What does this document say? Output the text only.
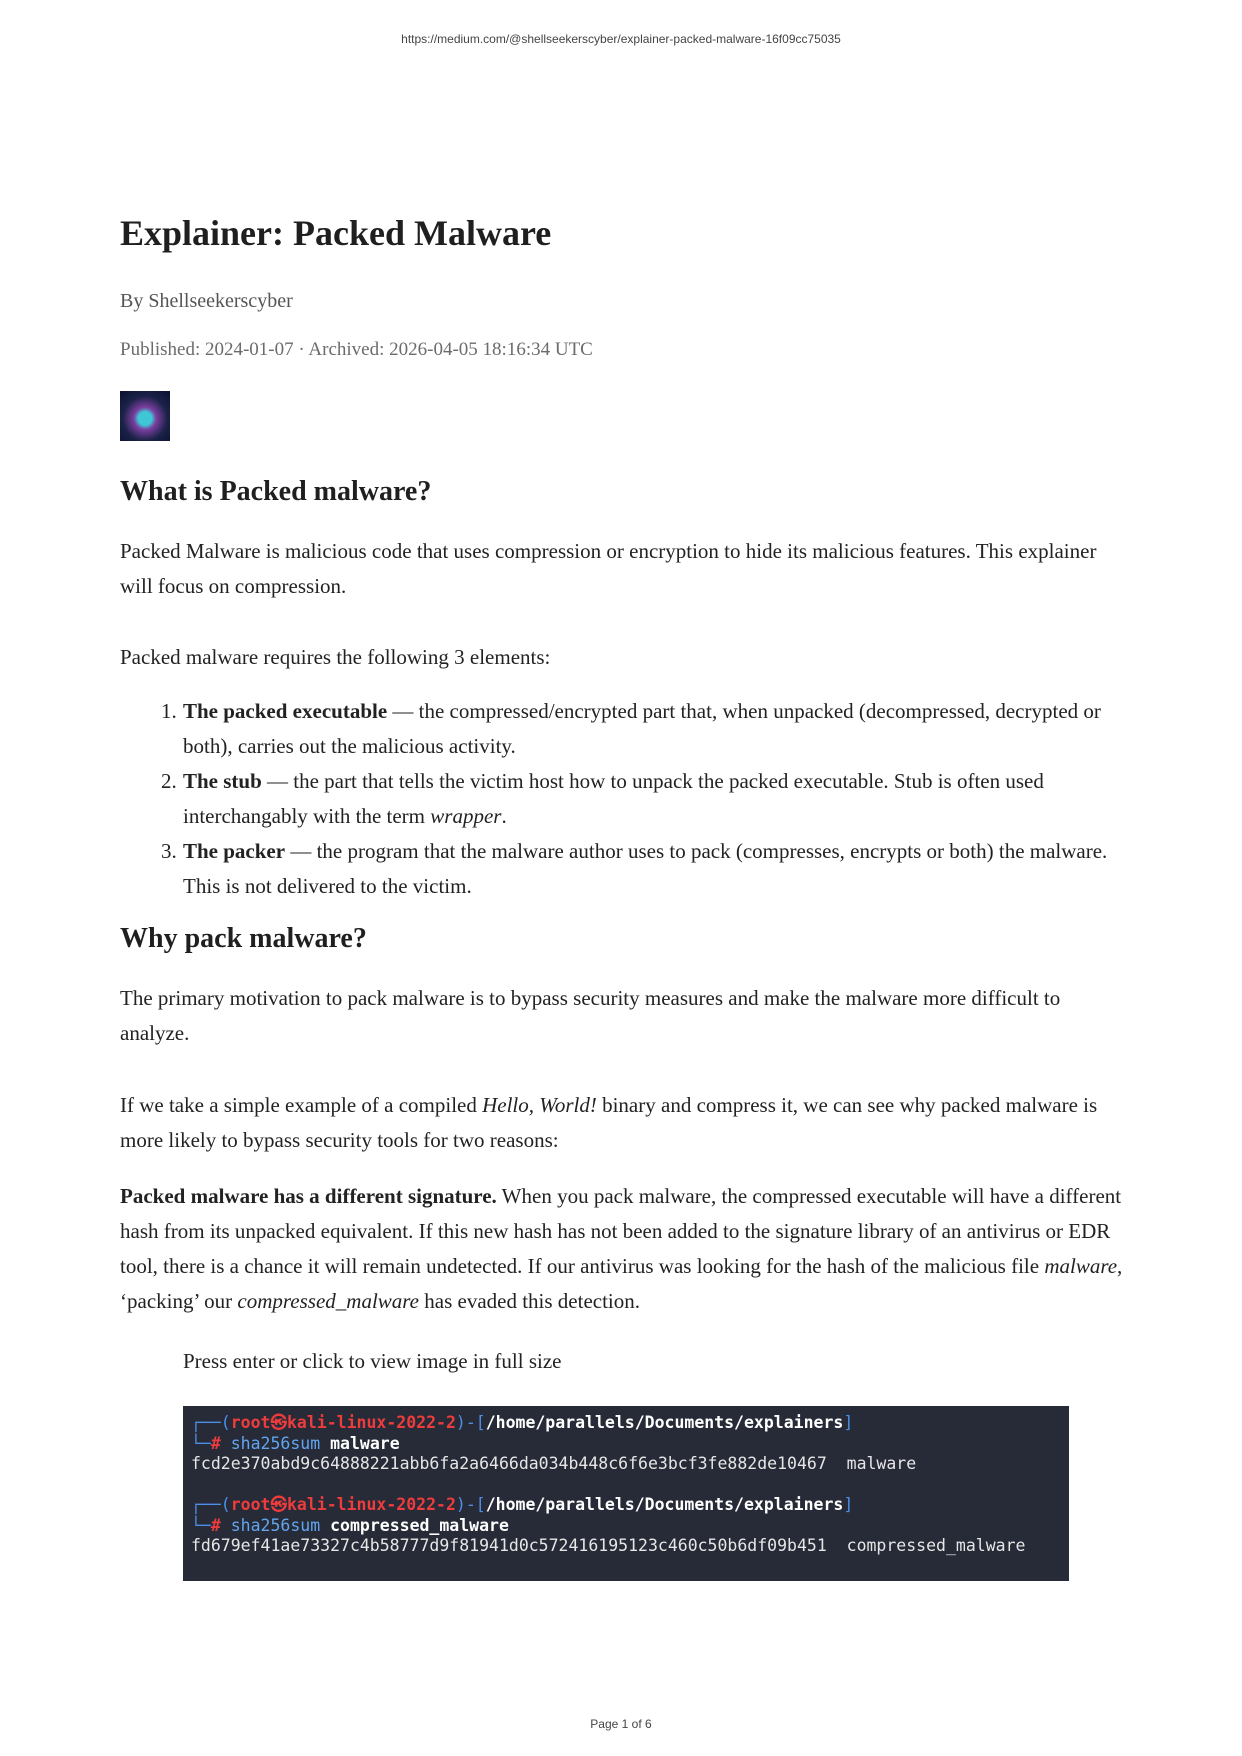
https://medium.com/@shellseekerscyber/explainer-packed-malware-16f09cc75035
Explainer: Packed Malware
By Shellseekerscyber
Published: 2024-01-07 · Archived: 2026-04-05 18:16:34 UTC
What is Packed malware?
Packed Malware is malicious code that uses compression or encryption to hide its malicious features. This explainer will focus on compression.
Packed malware requires the following 3 elements:
1. The packed executable — the compressed/encrypted part that, when unpacked (decompressed, decrypted or both), carries out the malicious activity.
2. The stub — the part that tells the victim host how to unpack the packed executable. Stub is often used interchangably with the term wrapper.
3. The packer — the program that the malware author uses to pack (compresses, encrypts or both) the malware. This is not delivered to the victim.
Why pack malware?
The primary motivation to pack malware is to bypass security measures and make the malware more difficult to analyze.
If we take a simple example of a compiled Hello, World! binary and compress it, we can see why packed malware is more likely to bypass security tools for two reasons:
Packed malware has a different signature. When you pack malware, the compressed executable will have a different hash from its unpacked equivalent. If this new hash has not been added to the signature library of an antivirus or EDR tool, there is a chance it will remain undetected. If our antivirus was looking for the hash of the malicious file malware, ‘packing’ our compressed_malware has evaded this detection.
Press enter or click to view image in full size
┌──(root㉿kali-linux-2022-2)-[/home/parallels/Documents/explainers]
└─# sha256sum malware
fcd2e370abd9c64888221abb6fa2a6466da034b448c6f6e3bcf3fe882de10467  malware
┌──(root㉿kali-linux-2022-2)-[/home/parallels/Documents/explainers]
└─# sha256sum compressed_malware
fd679ef41ae73327c4b58777d9f81941d0c572416195123c460c50b6df09b451  compressed_malware
Page 1 of 6
